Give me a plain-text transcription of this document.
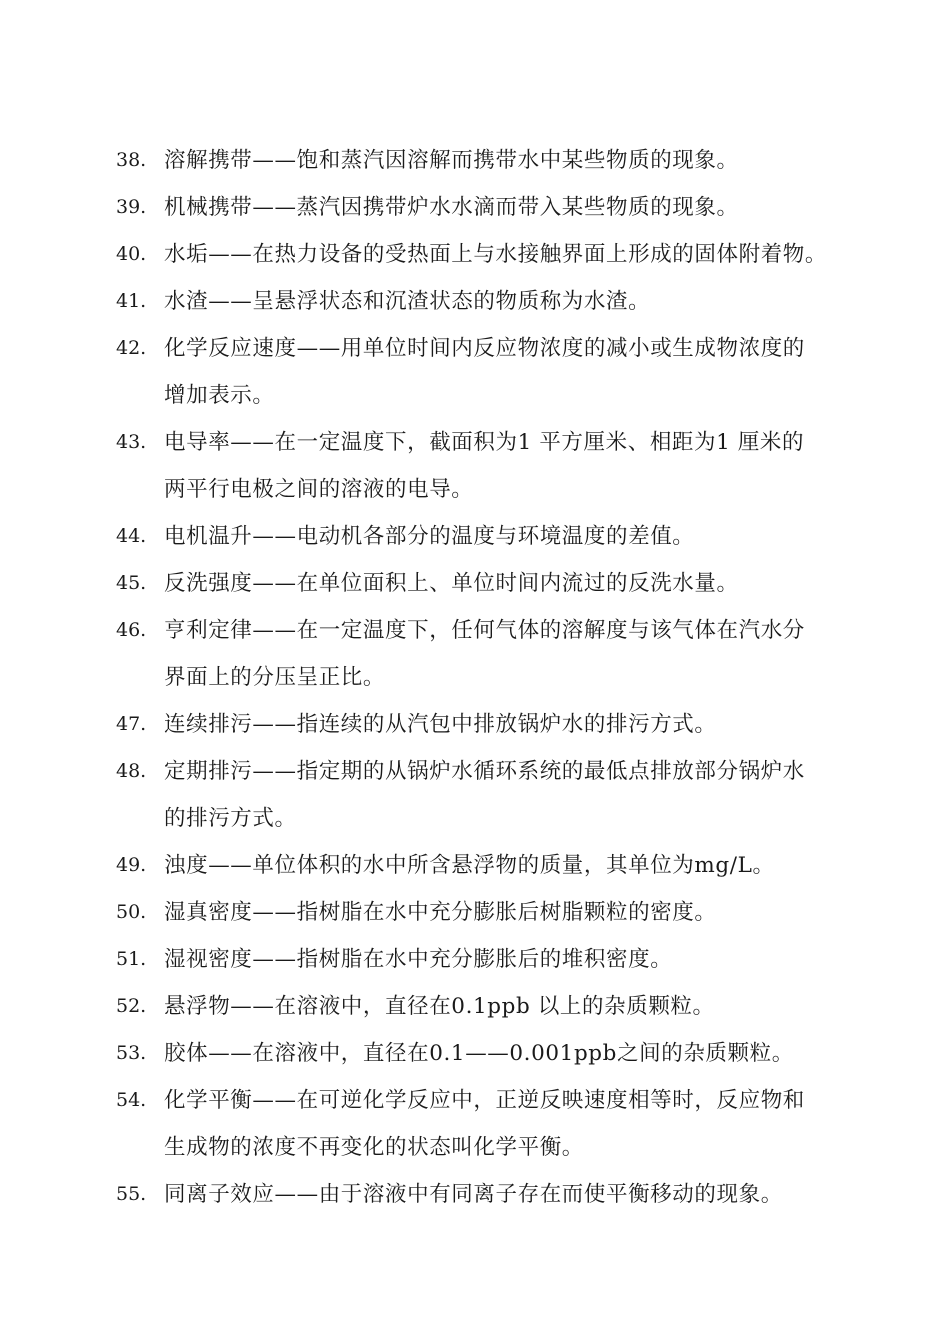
38. 溶解携带——饱和蒸汽因溶解而携带水中某些物质的现象。
39. 机械携带——蒸汽因携带炉水水滴而带入某些物质的现象。
40. 水垢——在热力设备的受热面上与水接触界面上形成的固体附着物。
41. 水渣——呈悬浮状态和沉渣状态的物质称为水渣。
42. 化学反应速度——用单位时间内反应物浓度的减小或生成物浓度的
增加表示。
43. 电导率——在一定温度下，截面积为1 平方厘米、相距为1 厘米的
两平行电极之间的溶液的电导。
44. 电机温升——电动机各部分的温度与环境温度的差值。
45. 反洗强度——在单位面积上、单位时间内流过的反洗水量。
46. 亨利定律——在一定温度下，任何气体的溶解度与该气体在汽水分
界面上的分压呈正比。
47. 连续排污——指连续的从汽包中排放锅炉水的排污方式。
48. 定期排污——指定期的从锅炉水循环系统的最低点排放部分锅炉水
的排污方式。
49. 浊度——单位体积的水中所含悬浮物的质量，其单位为mg/L。
50. 湿真密度——指树脂在水中充分膨胀后树脂颗粒的密度。
51. 湿视密度——指树脂在水中充分膨胀后的堆积密度。
52. 悬浮物——在溶液中，直径在0.1ppb 以上的杂质颗粒。
53. 胶体——在溶液中，直径在0.1——0.001ppb之间的杂质颗粒。
54. 化学平衡——在可逆化学反应中，正逆反映速度相等时，反应物和
生成物的浓度不再变化的状态叫化学平衡。
55. 同离子效应——由于溶液中有同离子存在而使平衡移动的现象。
